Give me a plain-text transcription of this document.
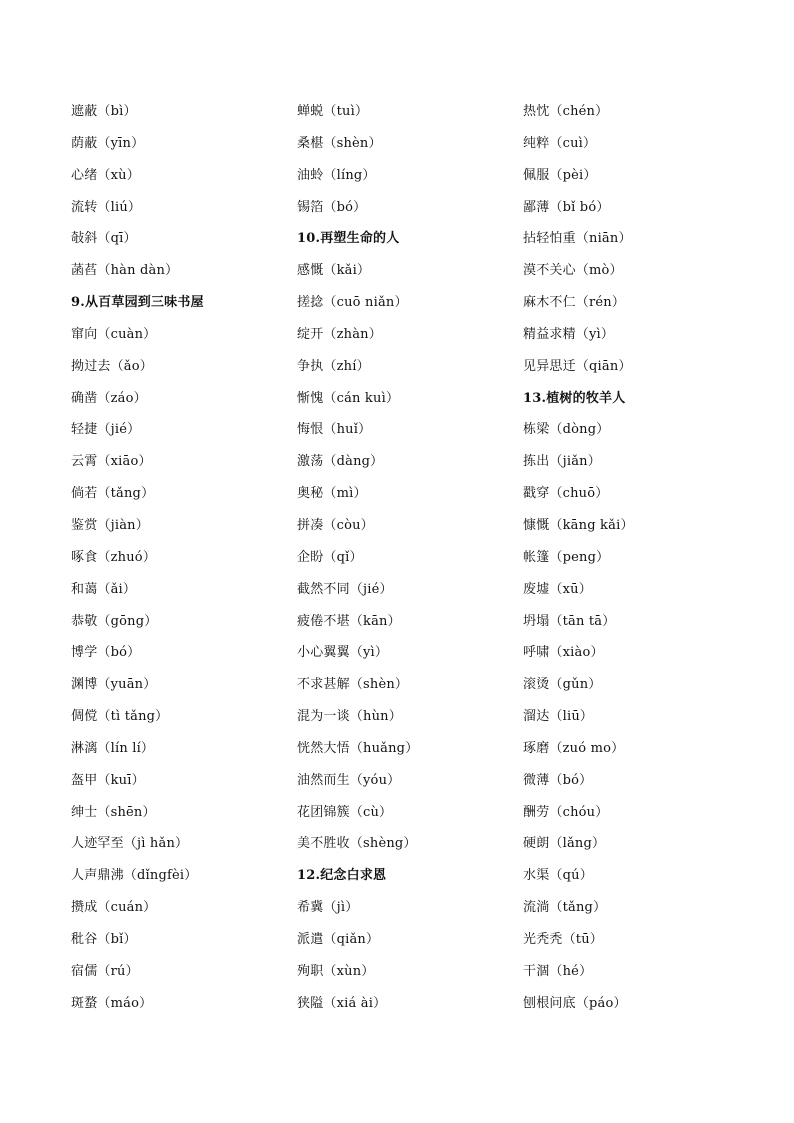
遮蔽（bì）
荫蔽（yīn）
心绪（xù）
流转（liú）
敧斜（qī）
菡萏（hàn dàn）
9.从百草园到三味书屋
窜向（cuàn）
拗过去（ǎo）
确凿（záo）
轻捷（jié）
云霄（xiāo）
倘若（tǎng）
鉴赏（jiàn）
啄食（zhuó）
和蔼（ǎi）
恭敬（gōng）
博学（bó）
渊博（yuān）
倜傥（tì tǎng）
淋漓（lín lí）
盔甲（kuī）
绅士（shēn）
人迹罕至（jì hǎn）
人声鼎沸（dǐngfèi）
攒成（cuán）
秕谷（bǐ）
宿儒（rú）
斑蝥（máo）
蝉蜕（tuì）
桑椹（shèn）
油蛉（líng）
锡箔（bó）
10.再塑生命的人
感慨（kǎi）
搓捻（cuō niǎn）
绽开（zhàn）
争执（zhí）
惭愧（cán kuì）
悔恨（huǐ）
激荡（dàng）
奥秘（mì）
拼凑（còu）
企盼（qǐ）
截然不同（jié）
疲倦不堪（kān）
小心翼翼（yì）
不求甚解（shèn）
混为一谈（hùn）
恍然大悟（huǎng）
油然而生（yóu）
花团锦簇（cù）
美不胜收（shèng）
12.纪念白求恩
希冀（jì）
派遣（qiǎn）
殉职（xùn）
狭隘（xiá ài）
热忱（chén）
纯粹（cuì）
佩服（pèi）
鄙薄（bǐ bó）
拈轻怕重（niān）
漠不关心（mò）
麻木不仁（rén）
精益求精（yì）
见异思迁（qiān）
13.植树的牧羊人
栋梁（dòng）
拣出（jiǎn）
戳穿（chuō）
慷慨（kāng kǎi）
帐篷（peng）
废墟（xū）
坍塌（tān tā）
呼啸（xiào）
滚烫（gǔn）
溜达（liū）
琢磨（zuó mo）
微薄（bó）
酬劳（chóu）
硬朗（lǎng）
水渠（qú）
流淌（tǎng）
光秃秃（tū）
干涸（hé）
刨根问底（páo）
